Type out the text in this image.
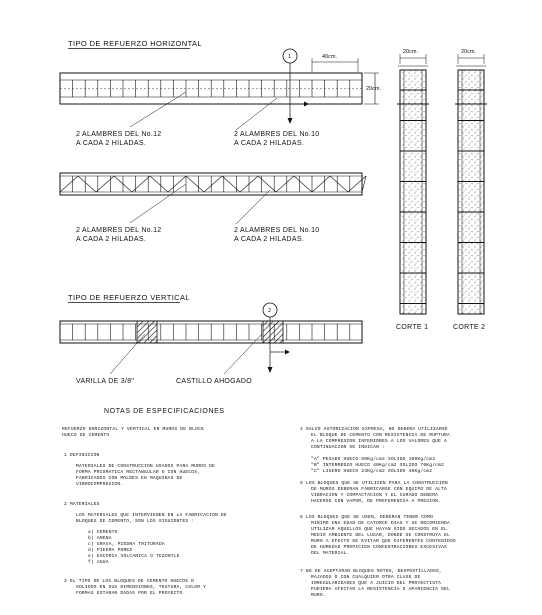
TIPO DE REFUERZO HORIZONTAL
TIPO DE REFUERZO VERTICAL
40cm.
20cm.
1
2 ALAMBRES DEL No.12
A CADA 2 HILADAS.
2 ALAMBRES DEL No.10
A CADA 2 HILADAS.
2 ALAMBRES DEL No.12
A CADA 2 HILADAS.
2 ALAMBRES DEL No.10
A CADA 2 HILADAS.
2
VARILLA DE 3/8"	CASTILLO AHOGADO
20cm.
CORTE 1
20cm.
CORTE 2
NOTAS DE ESPECIFICACIONES
REFUERZO HORIZONTAL Y VERTICAL EN MUROS DE BLOCK
HUECO DE CEMENTO
1 DEFINICION
MATERIALES DE CONSTRUCCION USADOS PARA MUROS DE
FORMA PRISMATICA RECTANGULAR O CON HUECOS,
FABRICADOS CON MOLDES EN MAQUINAS DE
VIBROCOMPRESION.
2 MATERIALES
LOS MATERIALES QUE INTERVIENEN EN LA FABRICACION DE
BLOQUES DE CEMENTO, SON LOS SIGUIENTES :
a) CEMENTO
b) ARENA
c) GRAVA, PIEDRA TRITURADA
d) PIEDRA POMEZ
e) ESCORIA VOLCANICA O TEZONTLE
f) AGUA
3 EL TIPO DE LOS BLOQUES DE CEMENTO HUECOS O
SOLIDOS EN SUS DIMENSIONES, TEXTURA, COLOR Y
FORMAS ESTARAN DADAS POR EL PROYECTO.
4 SALVO AUTORIZACION EXPRESA, NO DEBERA UTILIZARSE
EL BLOQUE DE CEMENTO CON RESISTENCIA DE RUPTURA
A LA COMPRESION INFERIORES A LOS VALORES QUE A
CONTINUACION SE INDICAN :
"A" PESADO HUECO 60Kg/cm2 SOLIDO 100Kg/cm2
"B" INTERMEDIO HUECO 40Kg/cm2 SOLIDO 70Kg/cm2
"C" LIGERO HUECO 23Kg/cm2 SOLIDO 40Kg/cm2
5 LOS BLOQUES QUE SE UTILICEN PARA LA CONSTRUCCION
DE MUROS DEBERAN FABRICARSE CON EQUIPO DE ALTA
VIBRACION Y COMPACTACION Y EL CURADO DEBERA
HACERSE CON VAPOR, DE PREFERENCIA A PRESION.
6 LOS BLOQUES QUE SE USEN, DEBERAN TENER COMO
MINIMO UNA EDAD DE CATORCE DIAS Y SE RECOMIENDA
UTILIZAR AQUELLOS QUE HAYAN SIDO SECADOS EN EL
MEDIO AMBIENTE DEL LUGAR, DONDE SE CONSTRUYA EL
MURO A EFECTO DE EVITAR QUE DIFERENTES CONTENIDOS
DE HUMEDAD PROPICIEN CONCENTRACIONES EXCESIVAS
DEL MATERIAL.
7 NO SE ACEPTARAN BLOQUES ROTOS, DESPOSTILLADOS,
RAJADOS O CON CUALQUIER OTRA CLASE DE
IRREGULARIDADES QUE A JUICIO DEL PROYECTISTA
PUDIERA AFECTAR LA RESISTENCIA O APARIENCIA DEL
MURO.
